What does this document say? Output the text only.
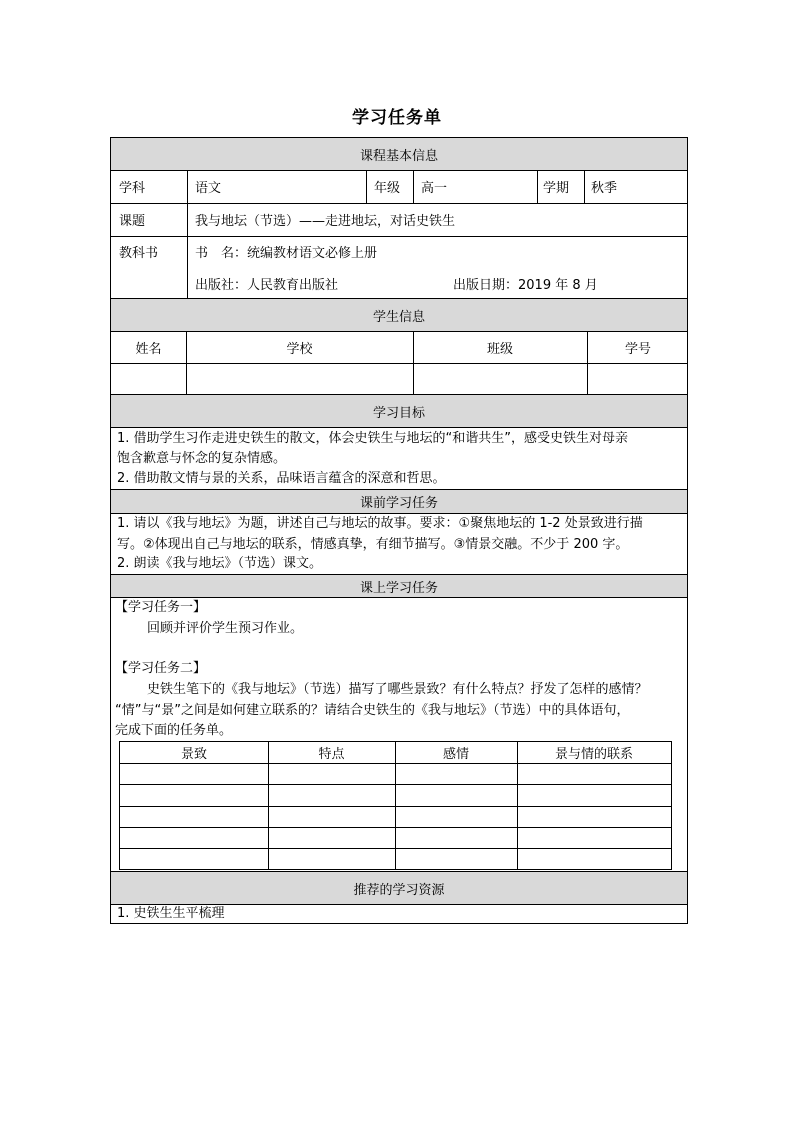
学习任务单
课程基本信息
学科	语文	年级 高一	学期 秋季
课题	我与地坛（节选）——走进地坛，对话史铁生
教科书	书　名：统编教材语文必修上册
出版社：人民教育出版社	出版日期：2019 年 8 月
学生信息
姓名	学校	班级	学号
学习目标
1. 借助学生习作走进史铁生的散文，体会史铁生与地坛的“和谐共生”，感受史铁生对母亲
饱含歉意与怀念的复杂情感。
2. 借助散文情与景的关系，品味语言蕴含的深意和哲思。
课前学习任务
1. 请以《我与地坛》为题，讲述自己与地坛的故事。要求：①聚焦地坛的 1-2 处景致进行描
写。②体现出自己与地坛的联系，情感真挚，有细节描写。③情景交融。不少于 200 字。
2. 朗读《我与地坛》（节选）课文。
课上学习任务
【学习任务一】
回顾并评价学生预习作业。
【学习任务二】
史铁生笔下的《我与地坛》（节选）描写了哪些景致？有什么特点？抒发了怎样的感情？
“情”与“景”之间是如何建立联系的？请结合史铁生的《我与地坛》（节选）中的具体语句，
完成下面的任务单。
景致	特点	感情	景与情的联系
推荐的学习资源
1. 史铁生生平梳理
